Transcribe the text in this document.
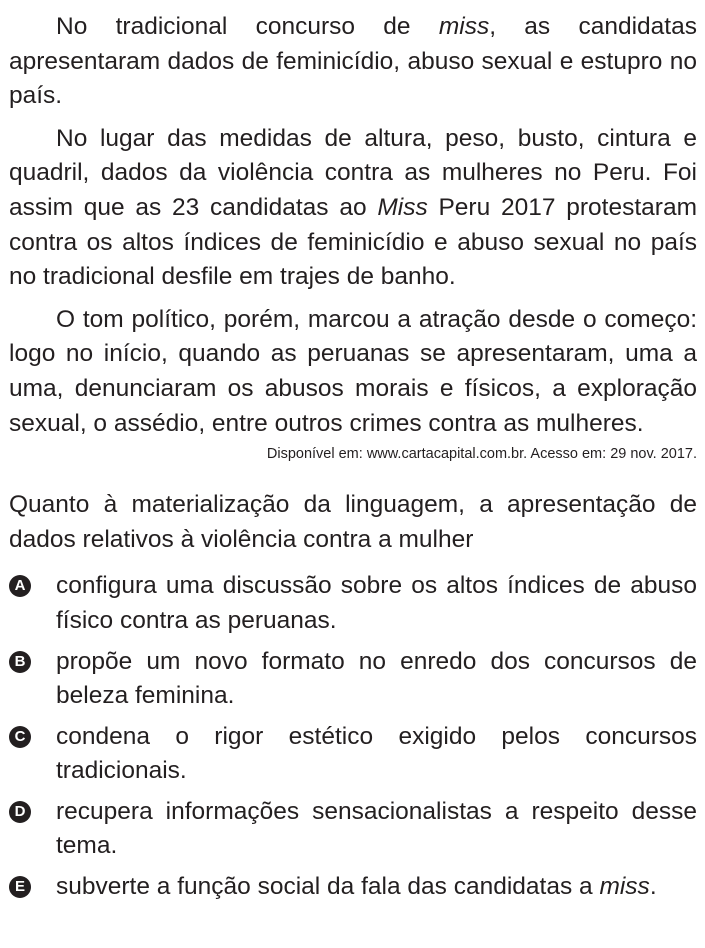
No tradicional concurso de miss, as candidatas apresentaram dados de feminicídio, abuso sexual e estupro no país.

No lugar das medidas de altura, peso, busto, cintura e quadril, dados da violência contra as mulheres no Peru. Foi assim que as 23 candidatas ao Miss Peru 2017 protestaram contra os altos índices de feminicídio e abuso sexual no país no tradicional desfile em trajes de banho.

O tom político, porém, marcou a atração desde o começo: logo no início, quando as peruanas se apresentaram, uma a uma, denunciaram os abusos morais e físicos, a exploração sexual, o assédio, entre outros crimes contra as mulheres.

Disponível em: www.cartacapital.com.br. Acesso em: 29 nov. 2017.

Quanto à materialização da linguagem, a apresentação de dados relativos à violência contra a mulher

A configura uma discussão sobre os altos índices de abuso físico contra as peruanas.
B propõe um novo formato no enredo dos concursos de beleza feminina.
C condena o rigor estético exigido pelos concursos tradicionais.
D recupera informações sensacionalistas a respeito desse tema.
E subverte a função social da fala das candidatas a miss.
